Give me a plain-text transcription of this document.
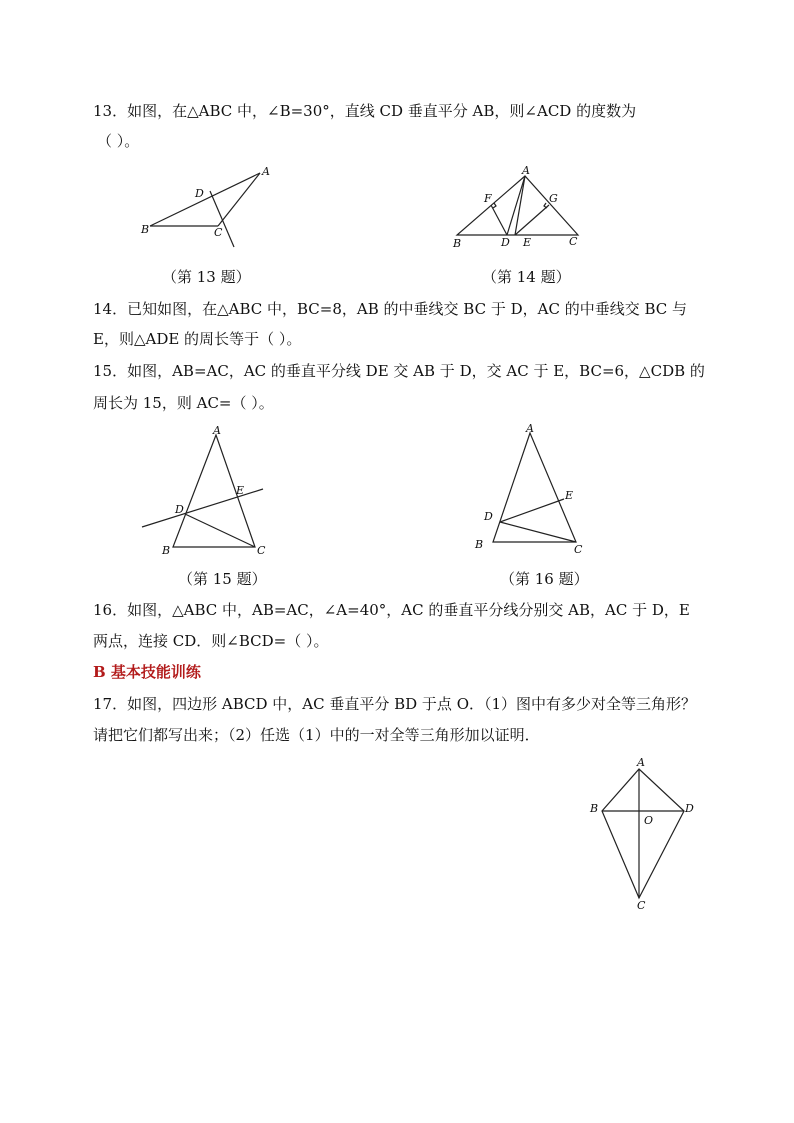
13．如图，在△ABC 中，∠B=30°，直线 CD 垂直平分 AB，则∠ACD 的度数为
（ ）。
A
B	C
D
（第 13 题）
A
B	C
D E
F	G
（第 14 题）
14．已知如图，在△ABC 中，BC=8，AB 的中垂线交 BC 于 D，AC 的中垂线交 BC 与
E，则△ADE 的周长等于（ ）。
15．如图，AB=AC，AC 的垂直平分线 DE 交 AB 于 D，交 AC 于 E，BC=6，△CDB 的
周长为 15，则 AC=（ ）。
A
B	C
D
E
（第 15 题）
A
B	C
D
E
（第 16 题）
16．如图，△ABC 中，AB=AC，∠A=40°，AC 的垂直平分线分别交 AB，AC 于 D，E
两点，连接 CD．则∠BCD=（ ）。
B 基本技能训练
17．如图，四边形 ABCD 中，AC 垂直平分 BD 于点 O．（1）图中有多少对全等三角形？
请把它们都写出来；（2）任选（1）中的一对全等三角形加以证明．
A
B
C
D
O
